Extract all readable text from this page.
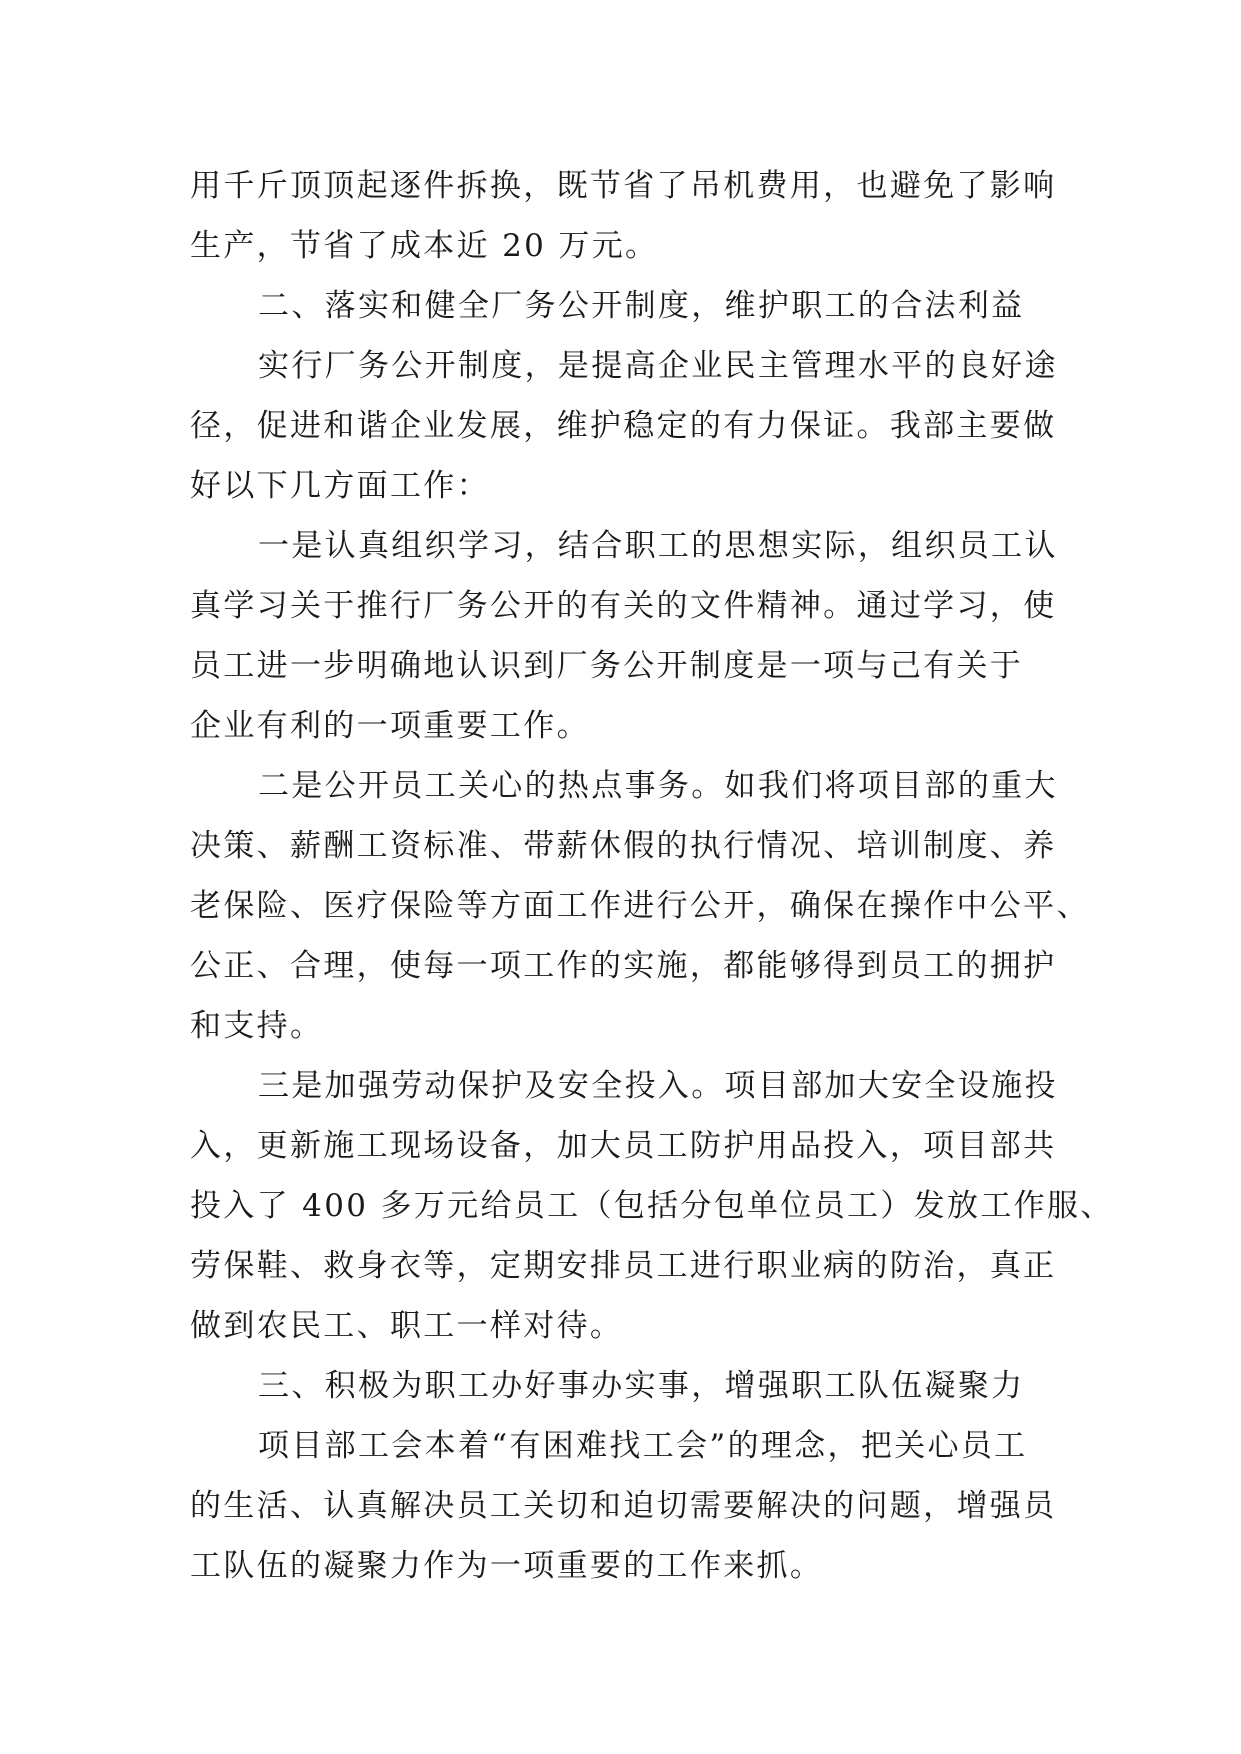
用千斤顶顶起逐件拆换，既节省了吊机费用，也避免了影响
生产，节省了成本近 20 万元。
二、落实和健全厂务公开制度，维护职工的合法利益
实行厂务公开制度，是提高企业民主管理水平的良好途
径，促进和谐企业发展，维护稳定的有力保证。我部主要做
好以下几方面工作：
一是认真组织学习，结合职工的思想实际，组织员工认
真学习关于推行厂务公开的有关的文件精神。通过学习，使
员工进一步明确地认识到厂务公开制度是一项与己有关于
企业有利的一项重要工作。
二是公开员工关心的热点事务。如我们将项目部的重大
决策、薪酬工资标准、带薪休假的执行情况、培训制度、养
老保险、医疗保险等方面工作进行公开，确保在操作中公平、
公正、合理，使每一项工作的实施，都能够得到员工的拥护
和支持。
三是加强劳动保护及安全投入。项目部加大安全设施投
入，更新施工现场设备，加大员工防护用品投入，项目部共
投入了 400 多万元给员工（包括分包单位员工）发放工作服、
劳保鞋、救身衣等，定期安排员工进行职业病的防治，真正
做到农民工、职工一样对待。
三、积极为职工办好事办实事，增强职工队伍凝聚力
项目部工会本着“有困难找工会”的理念，把关心员工
的生活、认真解决员工关切和迫切需要解决的问题，增强员
工队伍的凝聚力作为一项重要的工作来抓。
